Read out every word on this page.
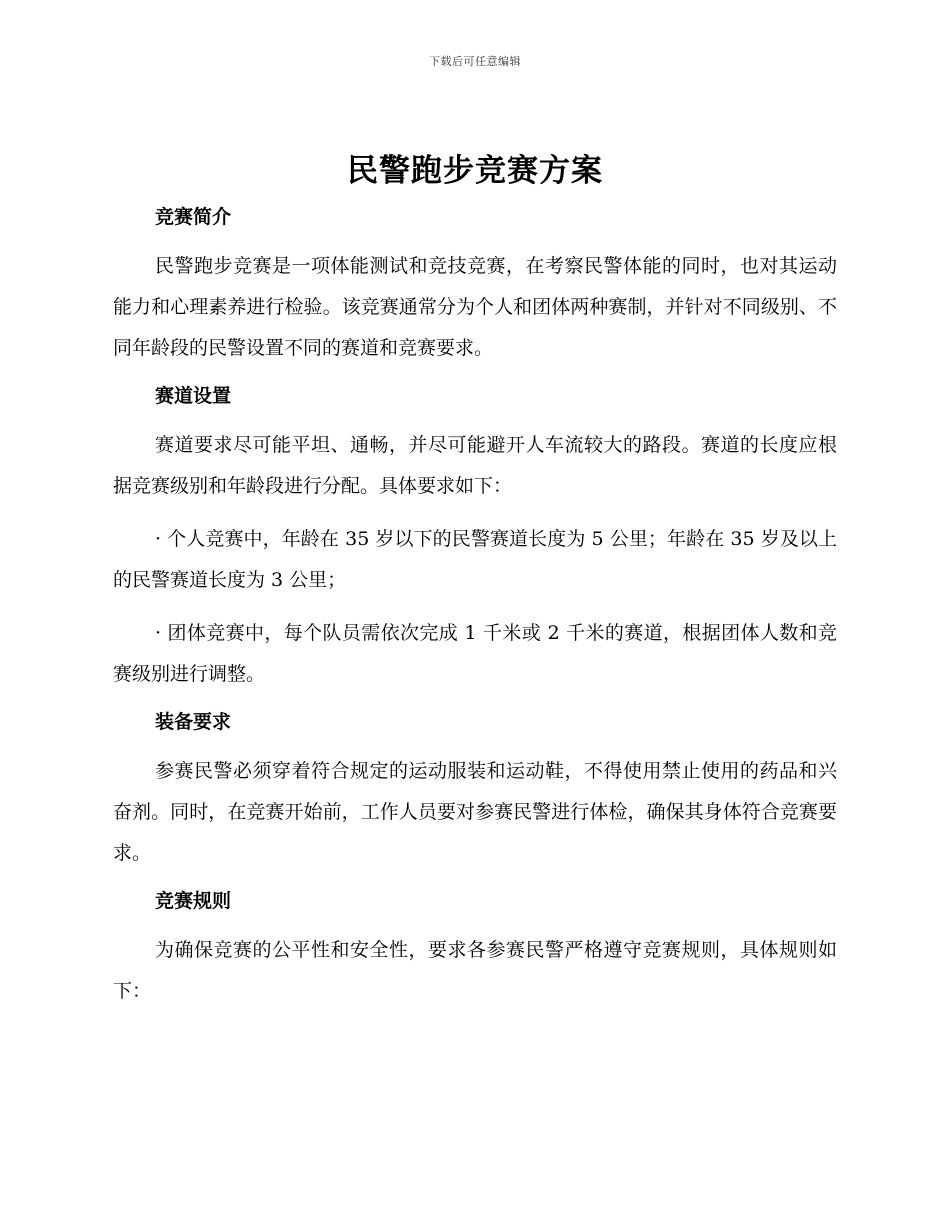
下载后可任意编辑
民警跑步竞赛方案
竞赛简介

民警跑步竞赛是一项体能测试和竞技竞赛，在考察民警体能的同时，也对其运动能力和心理素养进行检验。该竞赛通常分为个人和团体两种赛制，并针对不同级别、不同年龄段的民警设置不同的赛道和竞赛要求。

赛道设置

赛道要求尽可能平坦、通畅，并尽可能避开人车流较大的路段。赛道的长度应根据竞赛级别和年龄段进行分配。具体要求如下：

· 个人竞赛中，年龄在 35 岁以下的民警赛道长度为 5 公里；年龄在 35 岁及以上的民警赛道长度为 3 公里；

· 团体竞赛中，每个队员需依次完成 1 千米或 2 千米的赛道，根据团体人数和竞赛级别进行调整。

装备要求

参赛民警必须穿着符合规定的运动服装和运动鞋，不得使用禁止使用的药品和兴奋剂。同时，在竞赛开始前，工作人员要对参赛民警进行体检，确保其身体符合竞赛要求。

竞赛规则

为确保竞赛的公平性和安全性，要求各参赛民警严格遵守竞赛规则，具体规则如下：
